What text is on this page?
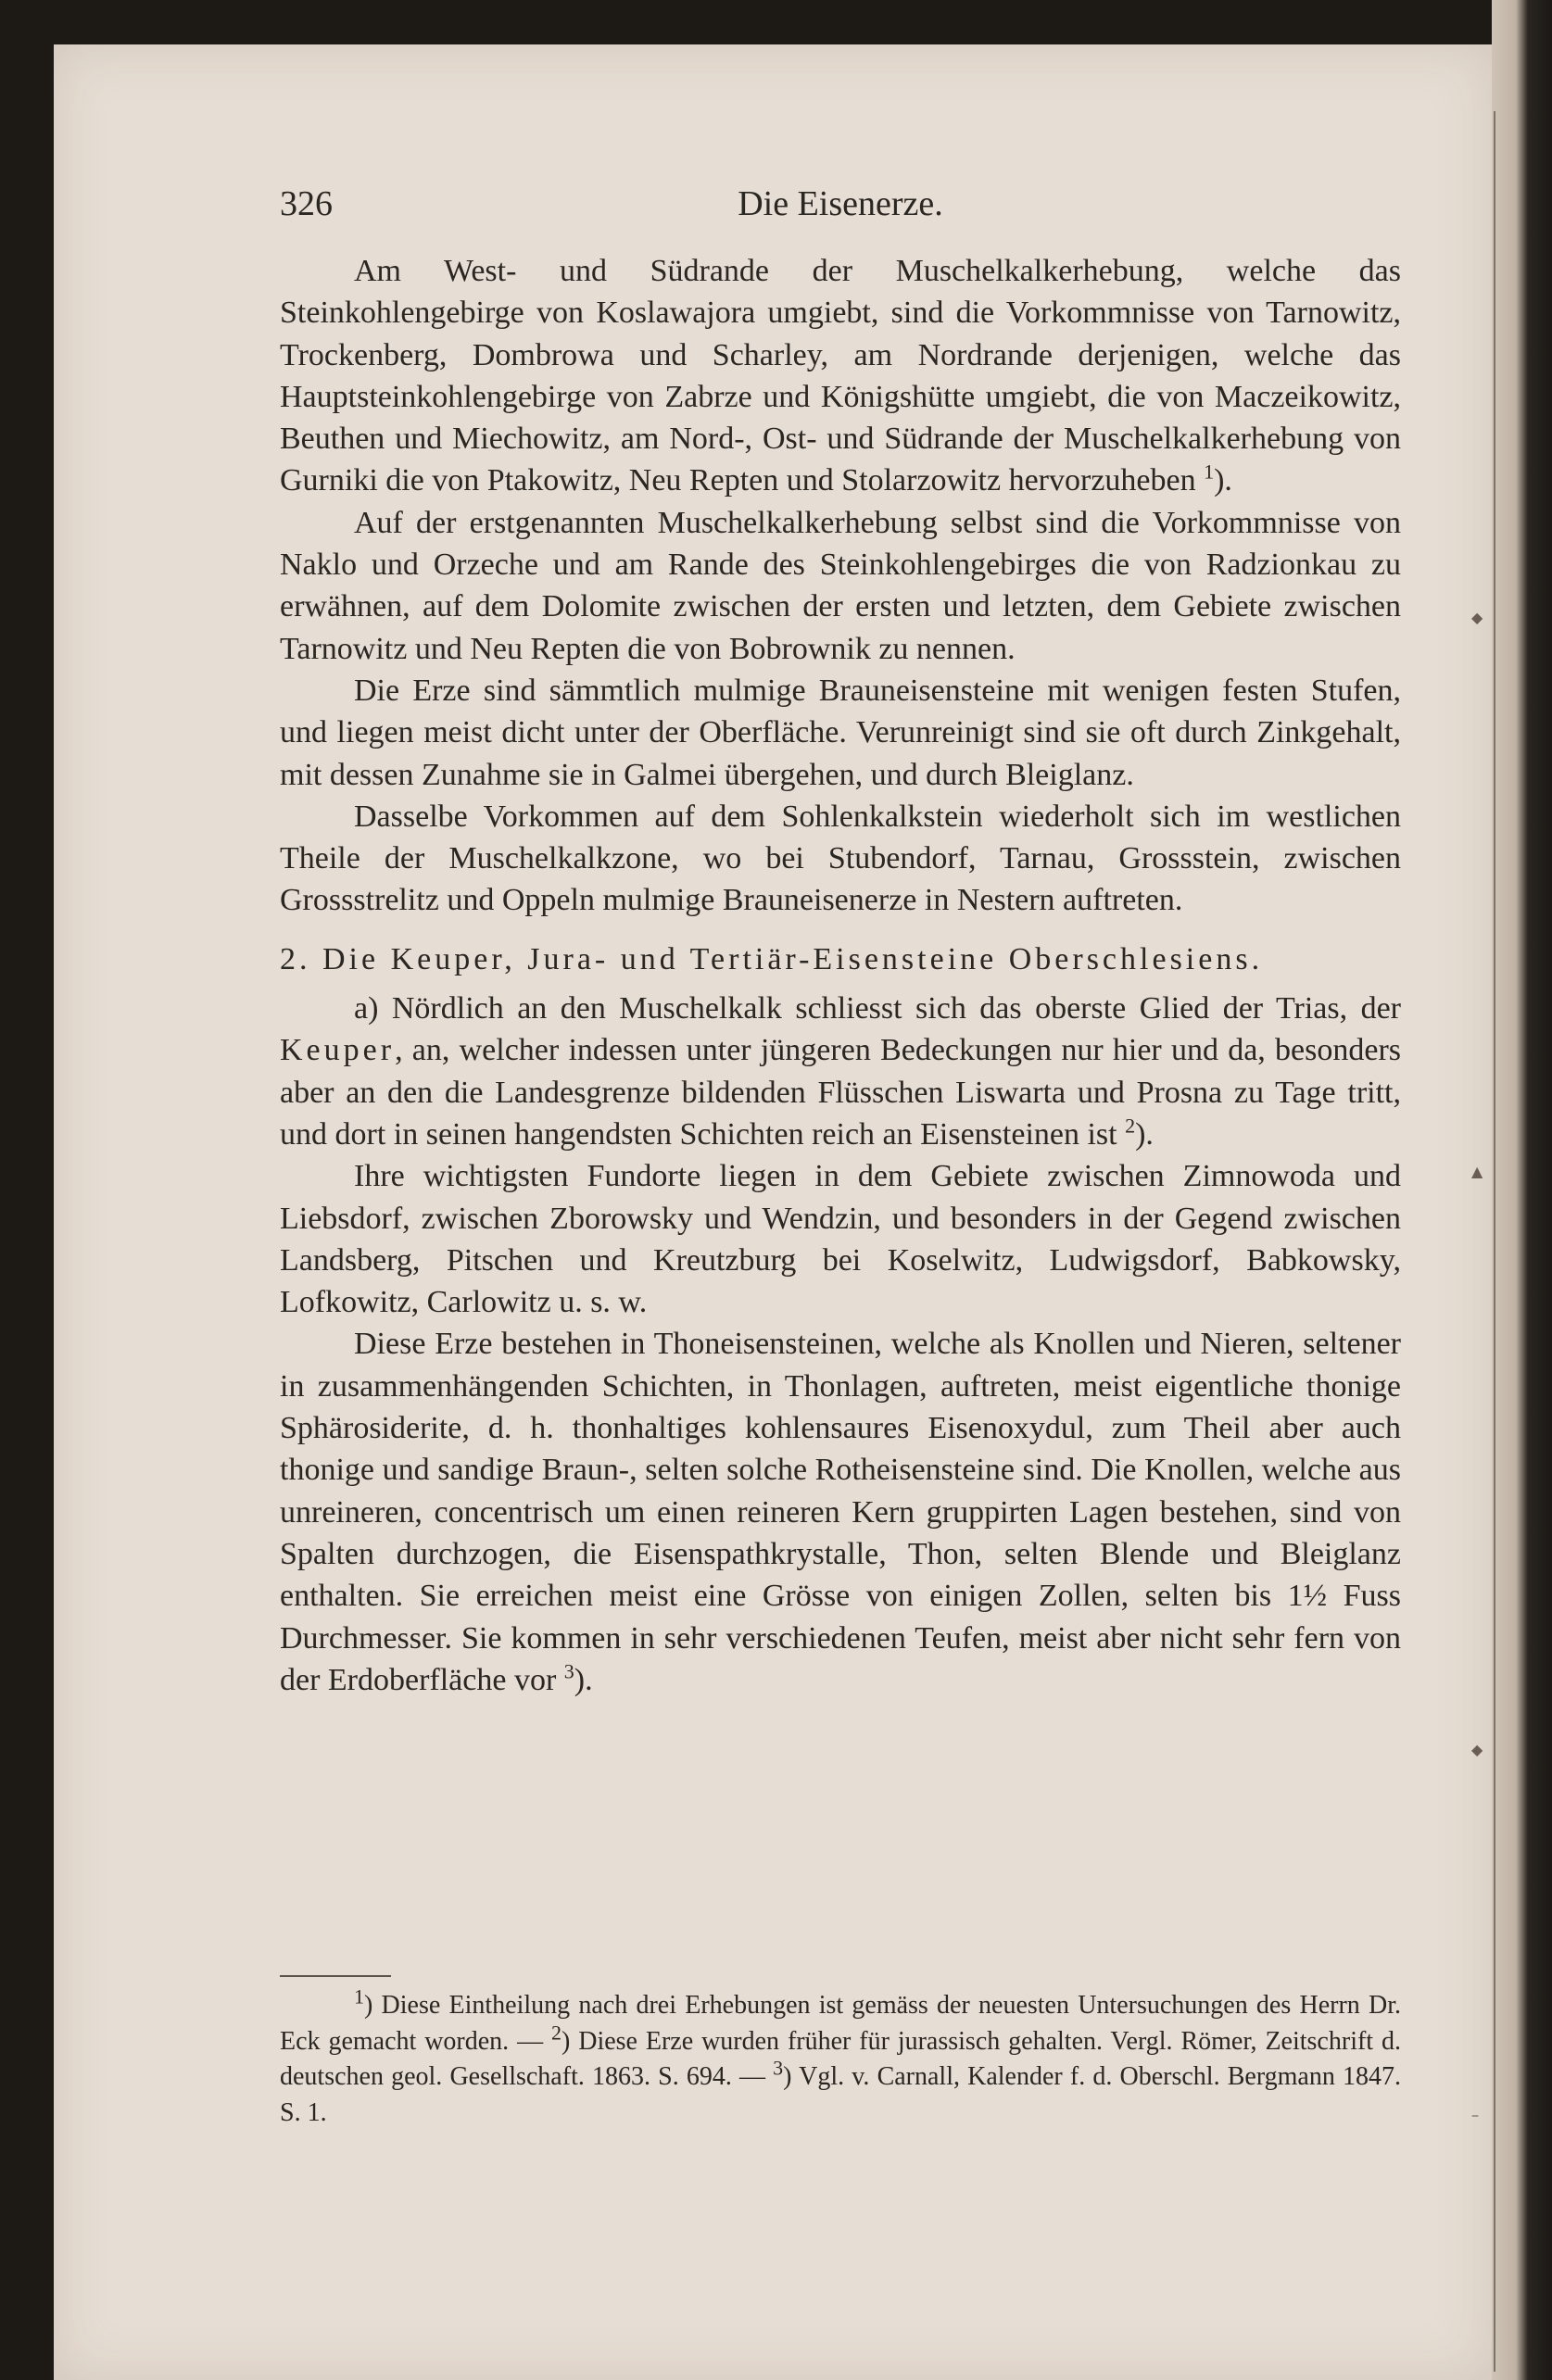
◆
▲
◆
–
326	Die Eisenerze.

Am West- und Südrande der Muschelkalkerhebung, welche das Steinkohlengebirge von Koslawajora umgiebt, sind die Vorkommnisse von Tarnowitz, Trockenberg, Dombrowa und Scharley, am Nordrande derjenigen, welche das Hauptsteinkohlengebirge von Zabrze und Königshütte umgiebt, die von Maczeikowitz, Beuthen und Miechowitz, am Nord-, Ost- und Südrande der Muschelkalkerhebung von Gurniki die von Ptakowitz, Neu Repten und Stolarzowitz hervorzuheben $^1$).

Auf der erstgenannten Muschelkalkerhebung selbst sind die Vorkommnisse von Naklo und Orzeche und am Rande des Steinkohlengebirges die von Radzionkau zu erwähnen, auf dem Dolomite zwischen der ersten und letzten, dem Gebiete zwischen Tarnowitz und Neu Repten die von Bobrownik zu nennen.

Die Erze sind sämmtlich mulmige Brauneisensteine mit wenigen festen Stufen, und liegen meist dicht unter der Oberfläche. Verunreinigt sind sie oft durch Zinkgehalt, mit dessen Zunahme sie in Galmei übergehen, und durch Bleiglanz.

Dasselbe Vorkommen auf dem Sohlenkalkstein wiederholt sich im westlichen Theile der Muschelkalkzone, wo bei Stubendorf, Tarnau, Grossstein, zwischen Grossstrelitz und Oppeln mulmige Brauneisenerze in Nestern auftreten.

2. Die Keuper, Jura- und Tertiär-Eisensteine Oberschlesiens.

a) Nördlich an den Muschelkalk schliesst sich das oberste Glied der Trias, der Keuper, an, welcher indessen unter jüngeren Bedeckungen nur hier und da, besonders aber an den die Landesgrenze bildenden Flüsschen Liswarta und Prosna zu Tage tritt, und dort in seinen hangendsten Schichten reich an Eisensteinen ist $^2$).

Ihre wichtigsten Fundorte liegen in dem Gebiete zwischen Zimnowoda und Liebsdorf, zwischen Zborowsky und Wendzin, und besonders in der Gegend zwischen Landsberg, Pitschen und Kreutzburg bei Koselwitz, Ludwigsdorf, Babkowsky, Lofkowitz, Carlowitz u. s. w.

Diese Erze bestehen in Thoneisensteinen, welche als Knollen und Nieren, seltener in zusammenhängenden Schichten, in Thonlagen, auftreten, meist eigentliche thonige Sphärosiderite, d. h. thonhaltiges kohlensaures Eisenoxydul, zum Theil aber auch thonige und sandige Braun-, selten solche Rotheisensteine sind. Die Knollen, welche aus unreineren, concentrisch um einen reineren Kern gruppirten Lagen bestehen, sind von Spalten durchzogen, die Eisenspathkrystalle, Thon, selten Blende und Bleiglanz enthalten. Sie erreichen meist eine Grösse von einigen Zollen, selten bis 1½ Fuss Durchmesser. Sie kommen in sehr verschiedenen Teufen, meist aber nicht sehr fern von der Erdoberfläche vor $^3$).

$^1$) Diese Eintheilung nach drei Erhebungen ist gemäss der neuesten Untersuchungen des Herrn Dr. Eck gemacht worden. — $^2$) Diese Erze wurden früher für jurassisch gehalten. Vergl. Römer, Zeitschrift d. deutschen geol. Gesellschaft. 1863. S. 694. — $^3$) Vgl. v. Carnall, Kalender f. d. Oberschl. Bergmann 1847. S. 1.
